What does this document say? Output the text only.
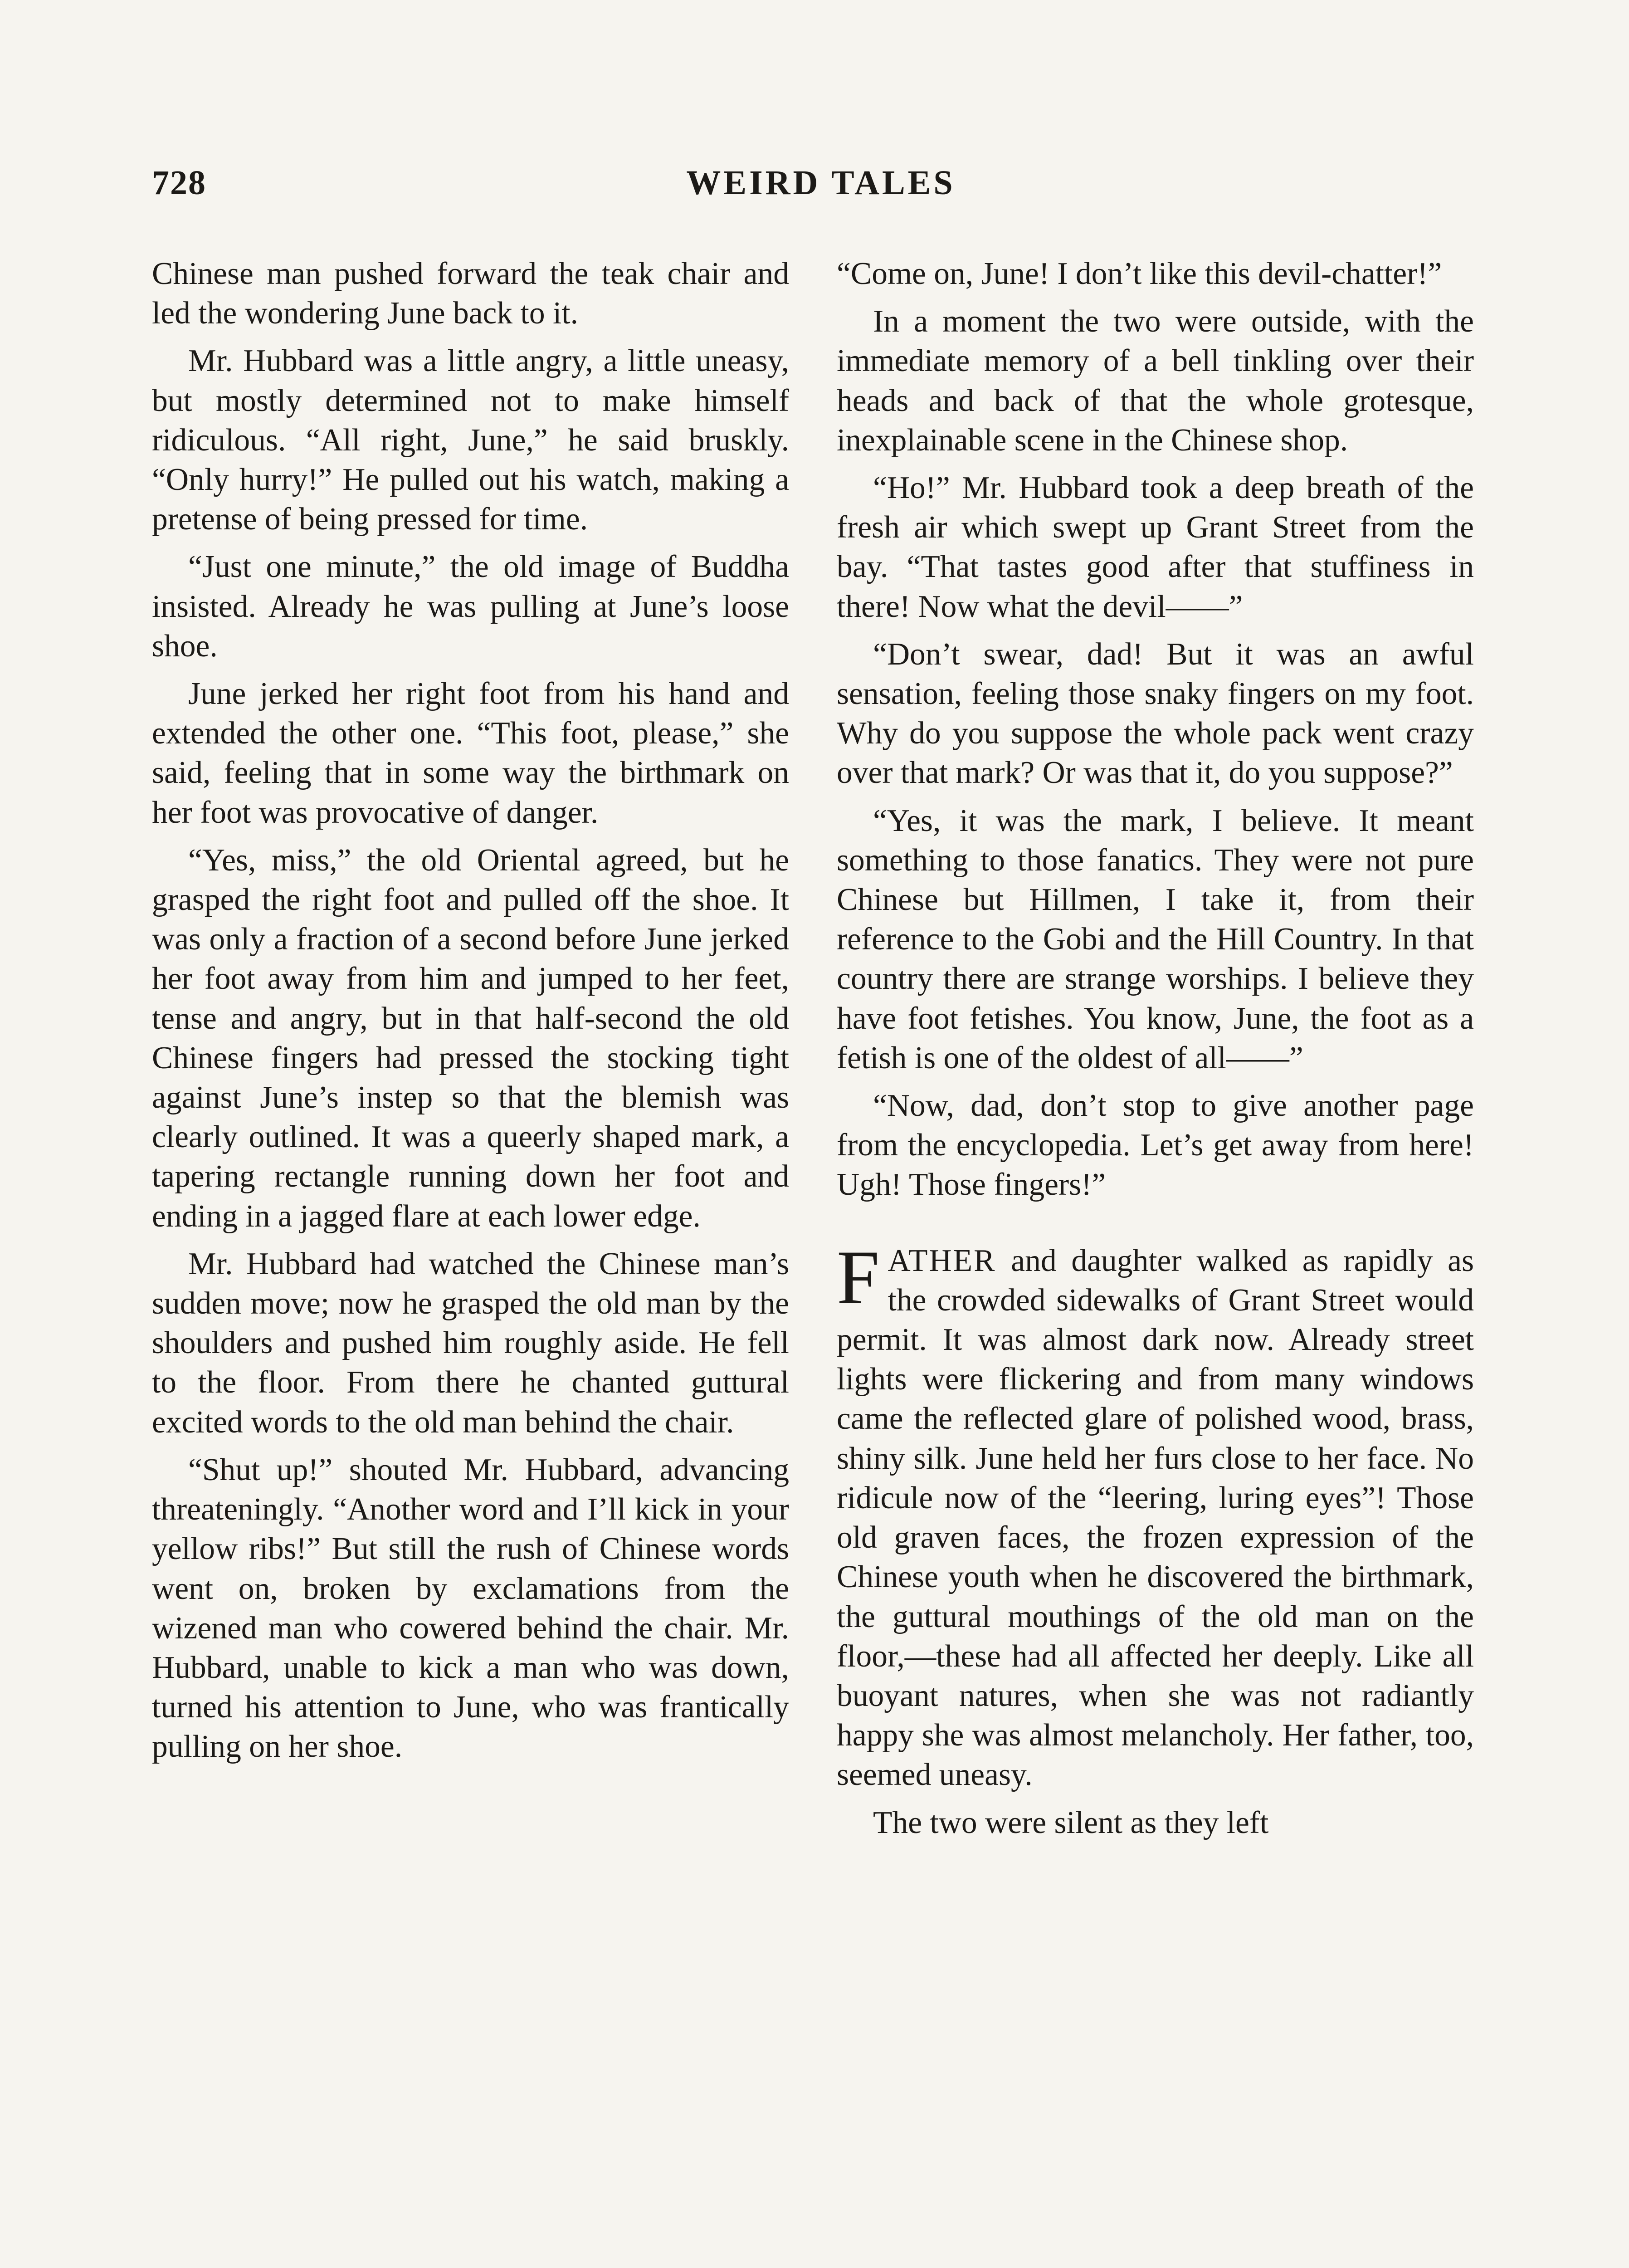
728	WEIRD TALES

Chinese man pushed forward the teak chair and led the wondering June back to it.

Mr. Hubbard was a little angry, a little uneasy, but mostly determined not to make himself ridiculous. “All right, June,” he said bruskly. “Only hurry!” He pulled out his watch, making a pretense of being pressed for time.

“Just one minute,” the old image of Buddha insisted. Already he was pulling at June’s loose shoe.

June jerked her right foot from his hand and extended the other one. “This foot, please,” she said, feeling that in some way the birthmark on her foot was provocative of danger.

“Yes, miss,” the old Oriental agreed, but he grasped the right foot and pulled off the shoe. It was only a fraction of a second before June jerked her foot away from him and jumped to her feet, tense and angry, but in that half-second the old Chinese fingers had pressed the stocking tight against June’s instep so that the blemish was clearly outlined. It was a queerly shaped mark, a tapering rectangle running down her foot and ending in a jagged flare at each lower edge.

Mr. Hubbard had watched the Chinese man’s sudden move; now he grasped the old man by the shoulders and pushed him roughly aside. He fell to the floor. From there he chanted guttural excited words to the old man behind the chair.

“Shut up!” shouted Mr. Hubbard, advancing threateningly. “Another word and I’ll kick in your yellow ribs!” But still the rush of Chinese words went on, broken by exclamations from the wizened man who cowered behind the chair. Mr. Hubbard, unable to kick a man who was down, turned his attention to June, who was frantically pulling on her shoe.

“Come on, June! I don’t like this devil-chatter!”

In a moment the two were outside, with the immediate memory of a bell tinkling over their heads and back of that the whole grotesque, inexplainable scene in the Chinese shop.

“Ho!” Mr. Hubbard took a deep breath of the fresh air which swept up Grant Street from the bay. “That tastes good after that stuffiness in there! Now what the devil——”

“Don’t swear, dad! But it was an awful sensation, feeling those snaky fingers on my foot. Why do you suppose the whole pack went crazy over that mark? Or was that it, do you suppose?”

“Yes, it was the mark, I believe. It meant something to those fanatics. They were not pure Chinese but Hillmen, I take it, from their reference to the Gobi and the Hill Country. In that country there are strange worships. I believe they have foot fetishes. You know, June, the foot as a fetish is one of the oldest of all——”

“Now, dad, don’t stop to give another page from the encyclopedia. Let’s get away from here! Ugh! Those fingers!”

FATHER and daughter walked as rapidly as the crowded sidewalks of Grant Street would permit. It was almost dark now. Already street lights were flickering and from many windows came the reflected glare of polished wood, brass, shiny silk. June held her furs close to her face. No ridicule now of the “leering, luring eyes”! Those old graven faces, the frozen expression of the Chinese youth when he discovered the birthmark, the guttural mouthings of the old man on the floor,—these had all affected her deeply. Like all buoyant natures, when she was not radiantly happy she was almost melancholy. Her father, too, seemed uneasy.

The two were silent as they left
